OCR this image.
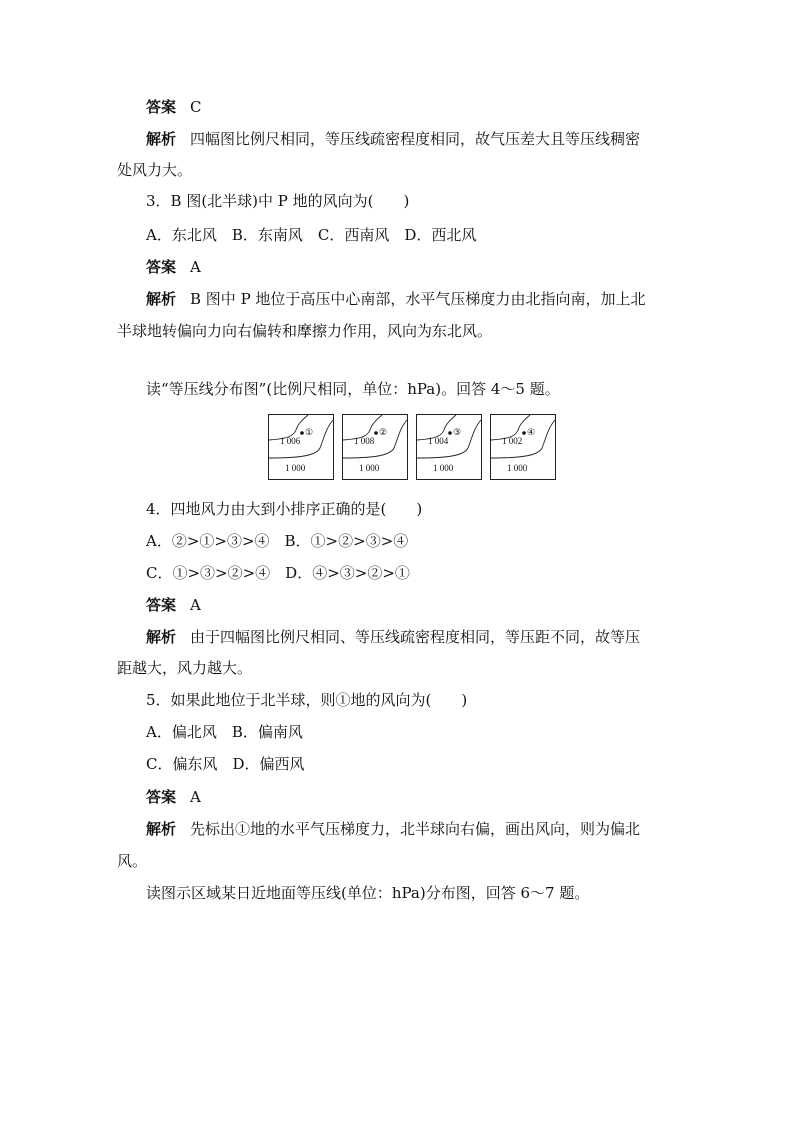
答案 C
解析 四幅图比例尺相同，等压线疏密程度相同，故气压差大且等压线稠密
处风力大。
3．B 图(北半球)中 P 地的风向为(　　)
A．东北风　B．东南风　C．西南风　D．西北风
答案 A
解析 B 图中 P 地位于高压中心南部，水平气压梯度力由北指向南，加上北
半球地转偏向力向右偏转和摩擦力作用，风向为东北风。
读“等压线分布图”(比例尺相同，单位：hPa)。回答 4～5 题。
①
1 006
1 000
②
1 008
1 000
③
1 004
1 000
④
1 002
1 000
4．四地风力由大到小排序正确的是(　　)
A．②>①>③>④　B．①>②>③>④
C．①>③>②>④　D．④>③>②>①
答案 A
解析 由于四幅图比例尺相同、等压线疏密程度相同，等压距不同，故等压
距越大，风力越大。
5．如果此地位于北半球，则①地的风向为(　　)
A．偏北风　B．偏南风
C．偏东风　D．偏西风
答案 A
解析 先标出①地的水平气压梯度力，北半球向右偏，画出风向，则为偏北
风。
读图示区域某日近地面等压线(单位：hPa)分布图，回答 6～7 题。
